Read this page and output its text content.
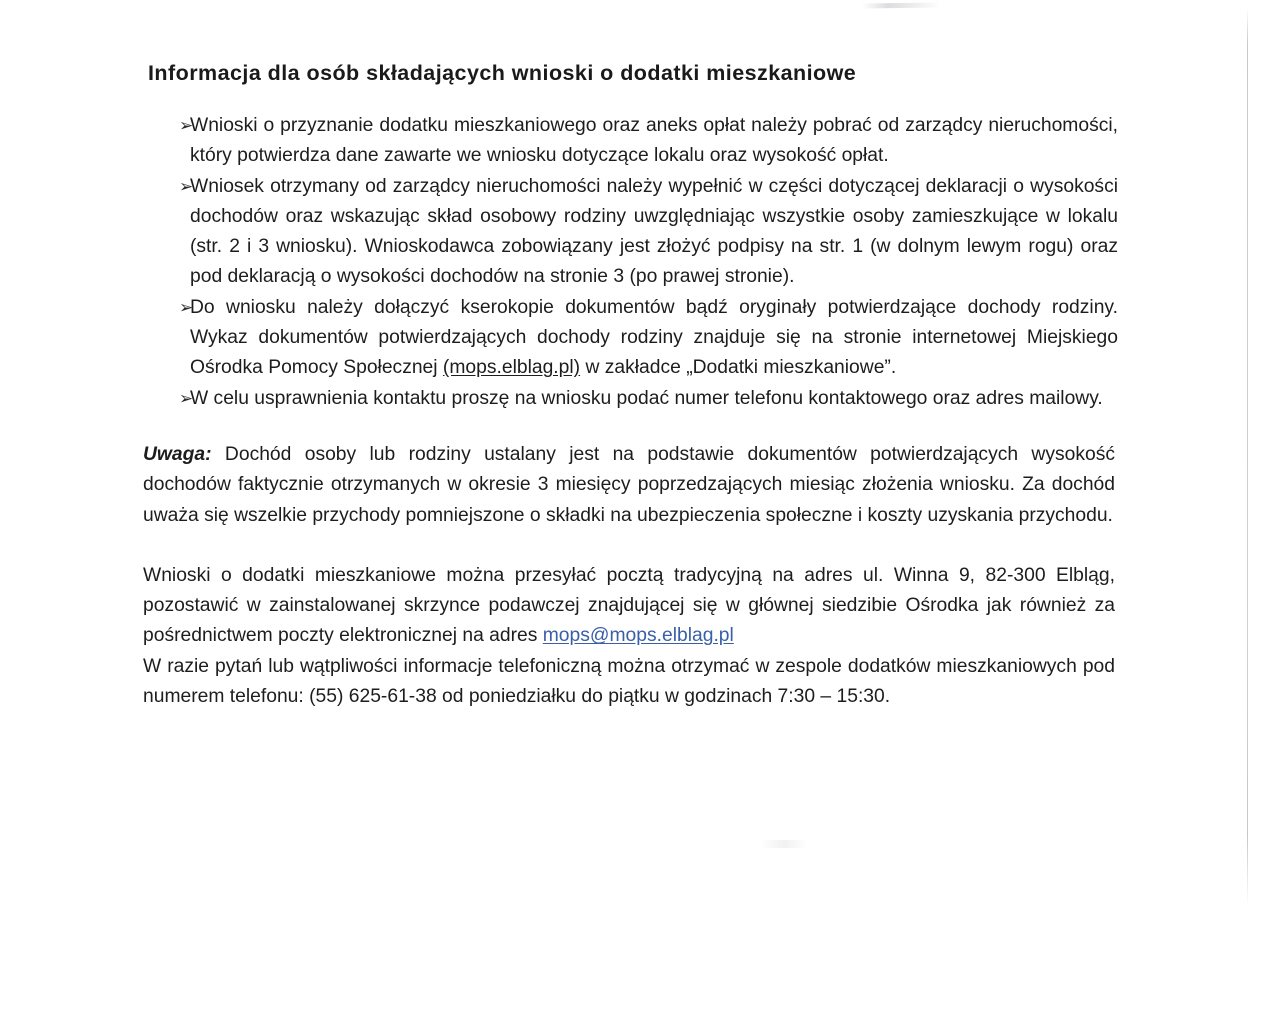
Informacja dla osób składających wnioski o dodatki mieszkaniowe
➢
Wnioski o przyznanie dodatku mieszkaniowego oraz aneks opłat należy pobrać od zarządcy nieruchomości, który potwierdza dane zawarte we wniosku dotyczące lokalu oraz wysokość opłat.
➢
Wniosek otrzymany od zarządcy nieruchomości należy wypełnić w części dotyczącej deklaracji o wysokości dochodów oraz wskazując skład osobowy rodziny uwzględniając wszystkie osoby zamieszkujące w lokalu (str. 2 i 3 wniosku). Wnioskodawca zobowiązany jest złożyć podpisy na str. 1 (w dolnym lewym rogu) oraz pod deklaracją o wysokości dochodów na stronie 3 (po prawej stronie).
➢
Do wniosku należy dołączyć kserokopie dokumentów bądź oryginały potwierdzające dochody rodziny. Wykaz dokumentów potwierdzających dochody rodziny znajduje się na stronie internetowej Miejskiego Ośrodka Pomocy Społecznej (mops.elblag.pl) w zakładce „Dodatki mieszkaniowe”.
➢
W celu usprawnienia kontaktu proszę na wniosku podać numer telefonu kontaktowego oraz adres mailowy.

Uwaga: Dochód osoby lub rodziny ustalany jest na podstawie dokumentów potwierdzających wysokość dochodów faktycznie otrzymanych w okresie 3 miesięcy poprzedzających miesiąc złożenia wniosku. Za dochód uważa się wszelkie przychody pomniejszone o składki na ubezpieczenia społeczne i koszty uzyskania przychodu.

Wnioski o dodatki mieszkaniowe można przesyłać pocztą tradycyjną na adres ul. Winna 9, 82-300 Elbląg, pozostawić w zainstalowanej skrzynce podawczej znajdującej się w głównej siedzibie Ośrodka jak również za pośrednictwem poczty elektronicznej na adres mops@mops.elblag.pl

W razie pytań lub wątpliwości informacje telefoniczną można otrzymać w zespole dodatków mieszkaniowych pod numerem telefonu: (55) 625-61-38 od poniedziałku do piątku w godzinach 7:30 – 15:30.
